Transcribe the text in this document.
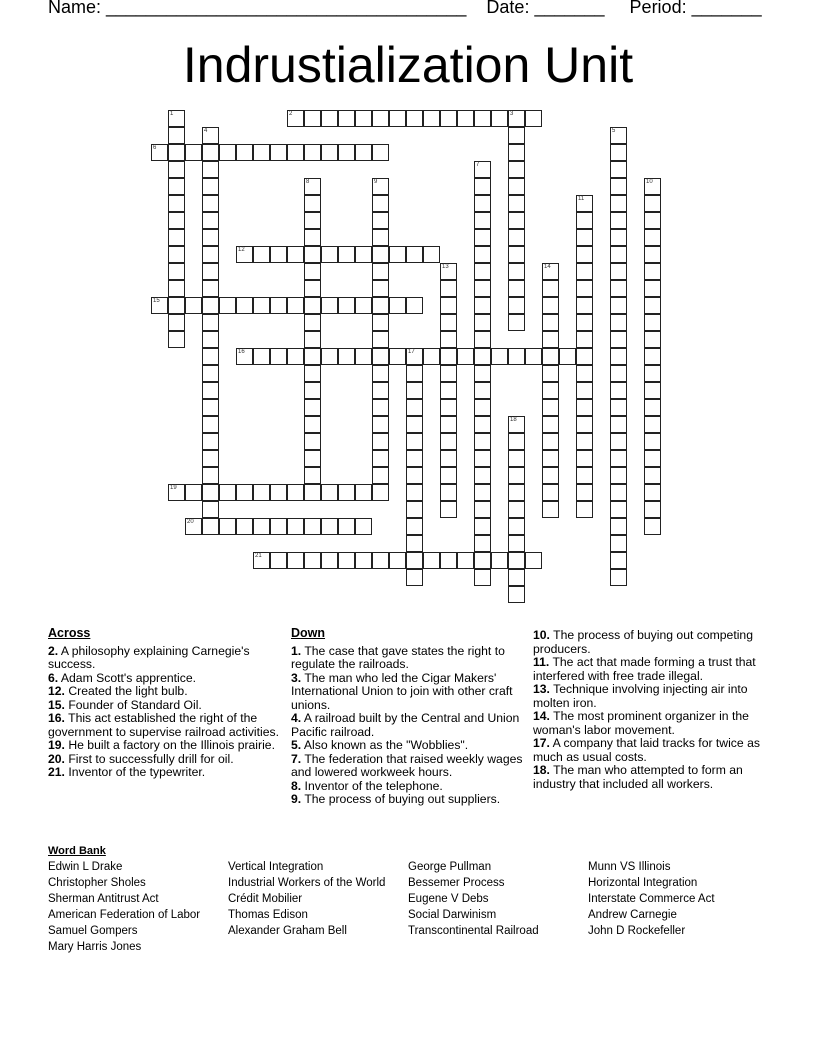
Name: ____________________________________ Date: _______ Period: _______
Indrustialization Unit
1	2	3
4	5
6
7
8	9	10
11
12
13	14
15
16	17
18
19
20
21
Across
2. A philosophy explaining Carnegie's success.
6. Adam Scott's apprentice.
12. Created the light bulb.
15. Founder of Standard Oil.
16. This act established the right of the government to supervise railroad activities.
19. He built a factory on the Illinois prairie.
20. First to successfully drill for oil.
21. Inventor of the typewriter.
Down
1. The case that gave states the right to regulate the railroads.
3. The man who led the Cigar Makers' International Union to join with other craft unions.
4. A railroad built by the Central and Union Pacific railroad.
5. Also known as the "Wobblies".
7. The federation that raised weekly wages and lowered workweek hours.
8. Inventor of the telephone.
9. The process of buying out suppliers.
10. The process of buying out competing producers.
11. The act that made forming a trust that interfered with free trade illegal.
13. Technique involving injecting air into molten iron.
14. The most prominent organizer in the woman's labor movement.
17. A company that laid tracks for twice as much as usual costs.
18. The man who attempted to form an industry that included all workers.
Word Bank
Edwin L Drake
Christopher Sholes
Sherman Antitrust Act
American Federation of Labor
Samuel Gompers
Mary Harris Jones
Vertical Integration
Industrial Workers of the World
Crédit Mobilier
Thomas Edison
Alexander Graham Bell
George Pullman
Bessemer Process
Eugene V Debs
Social Darwinism
Transcontinental Railroad
Munn VS Illinois
Horizontal Integration
Interstate Commerce Act
Andrew Carnegie
John D Rockefeller
